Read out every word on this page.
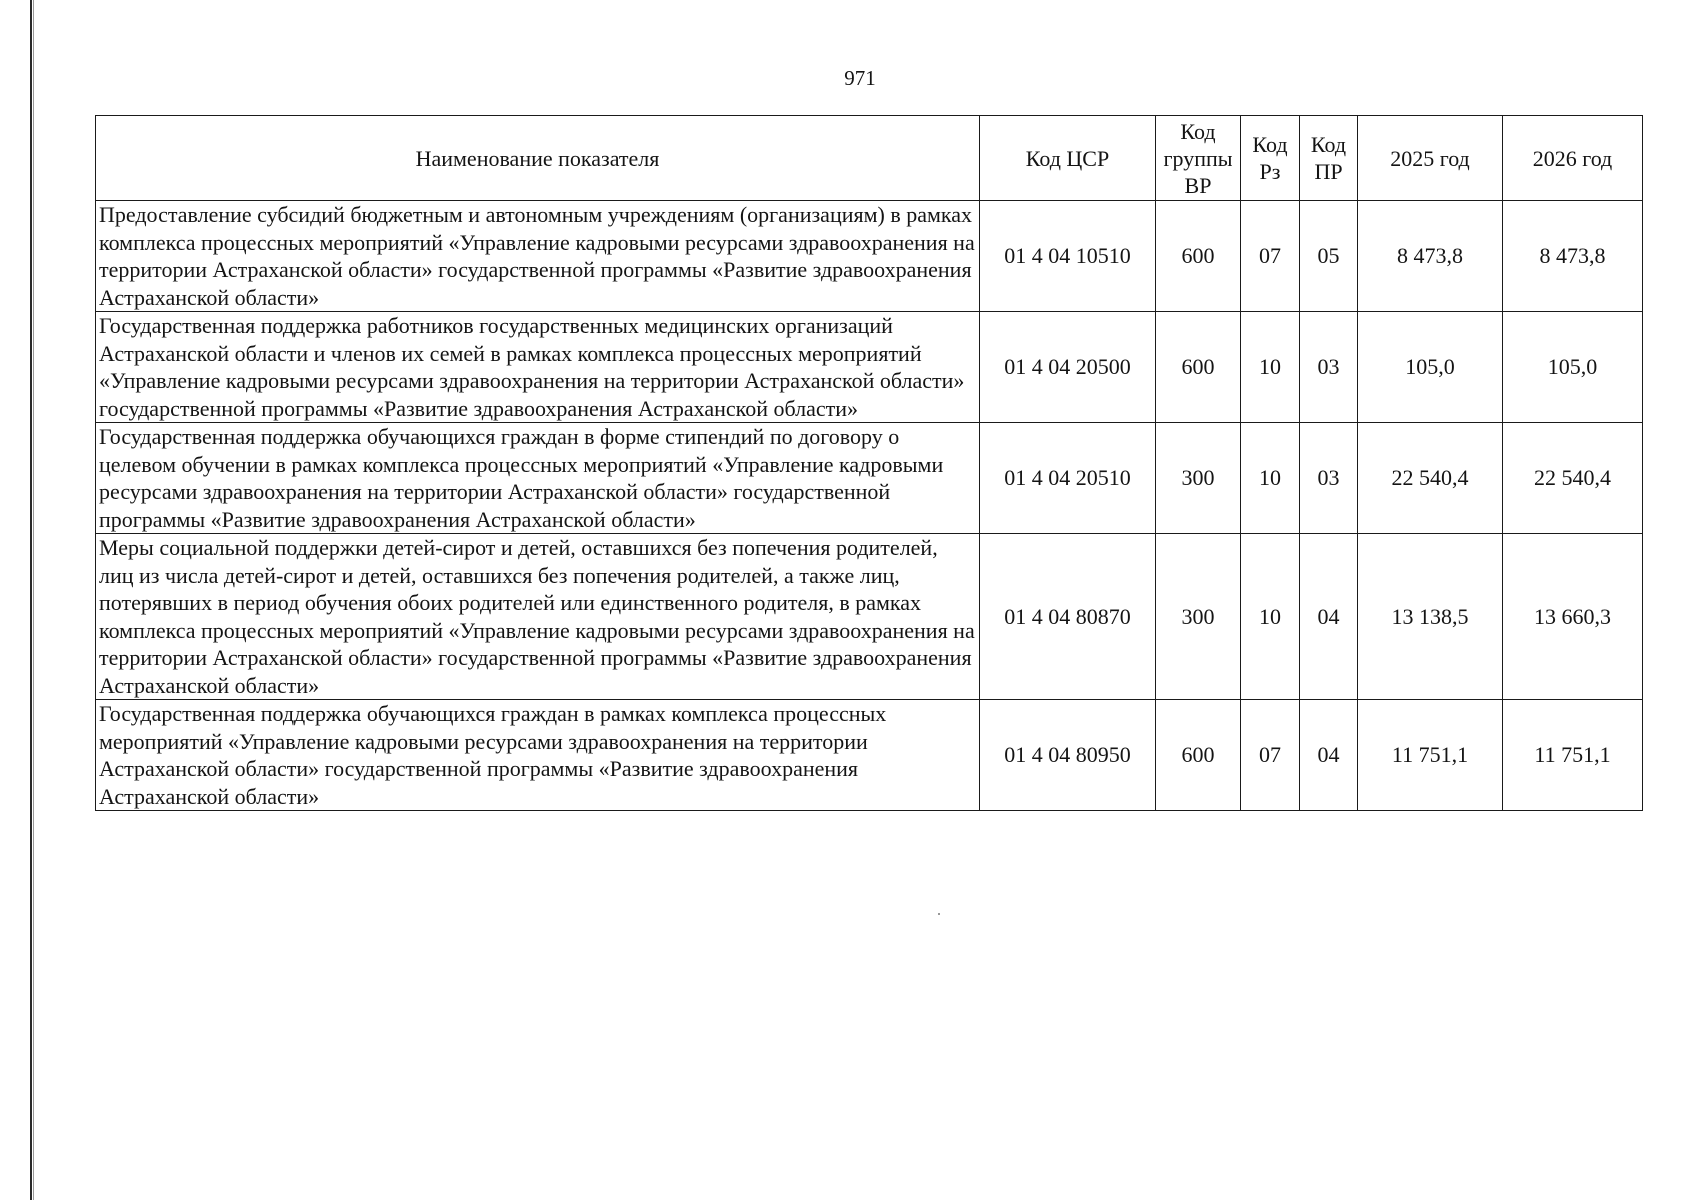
971
Наименование показателя	Код ЦСР	Код группы ВР	Код Рз	Код ПР	2025 год	2026 год
Предоставление субсидий бюджетным и автономным учреждениям (организациям) в рамках комплекса процессных мероприятий «Управление кадровыми ресурсами здравоохранения на территории Астраханской области» государственной программы «Развитие здравоохранения Астраханской области»	01 4 04 10510	600	07	05	8 473,8	8 473,8
Государственная поддержка работников государственных медицинских организаций Астраханской области и членов их семей в рамках комплекса процессных мероприятий «Управление кадровыми ресурсами здравоохранения на территории Астраханской области» государственной программы «Развитие здравоохранения Астраханской области»	01 4 04 20500	600	10	03	105,0	105,0
Государственная поддержка обучающихся граждан в форме стипендий по договору о целевом обучении в рамках комплекса процессных мероприятий «Управление кадровыми ресурсами здравоохранения на территории Астраханской области» государственной программы «Развитие здравоохранения Астраханской области»	01 4 04 20510	300	10	03	22 540,4	22 540,4
Меры социальной поддержки детей-сирот и детей, оставшихся без попечения родителей, лиц из числа детей-сирот и детей, оставшихся без попечения родителей, а также лиц, потерявших в период обучения обоих родителей или единственного родителя, в рамках комплекса процессных мероприятий «Управление кадровыми ресурсами здравоохранения на территории Астраханской области» государственной программы «Развитие здравоохранения Астраханской области»	01 4 04 80870	300	10	04	13 138,5	13 660,3
Государственная поддержка обучающихся граждан в рамках комплекса процессных мероприятий «Управление кадровыми ресурсами здравоохранения на территории Астраханской области» государственной программы «Развитие здравоохранения Астраханской области»	01 4 04 80950	600	07	04	11 751,1	11 751,1
